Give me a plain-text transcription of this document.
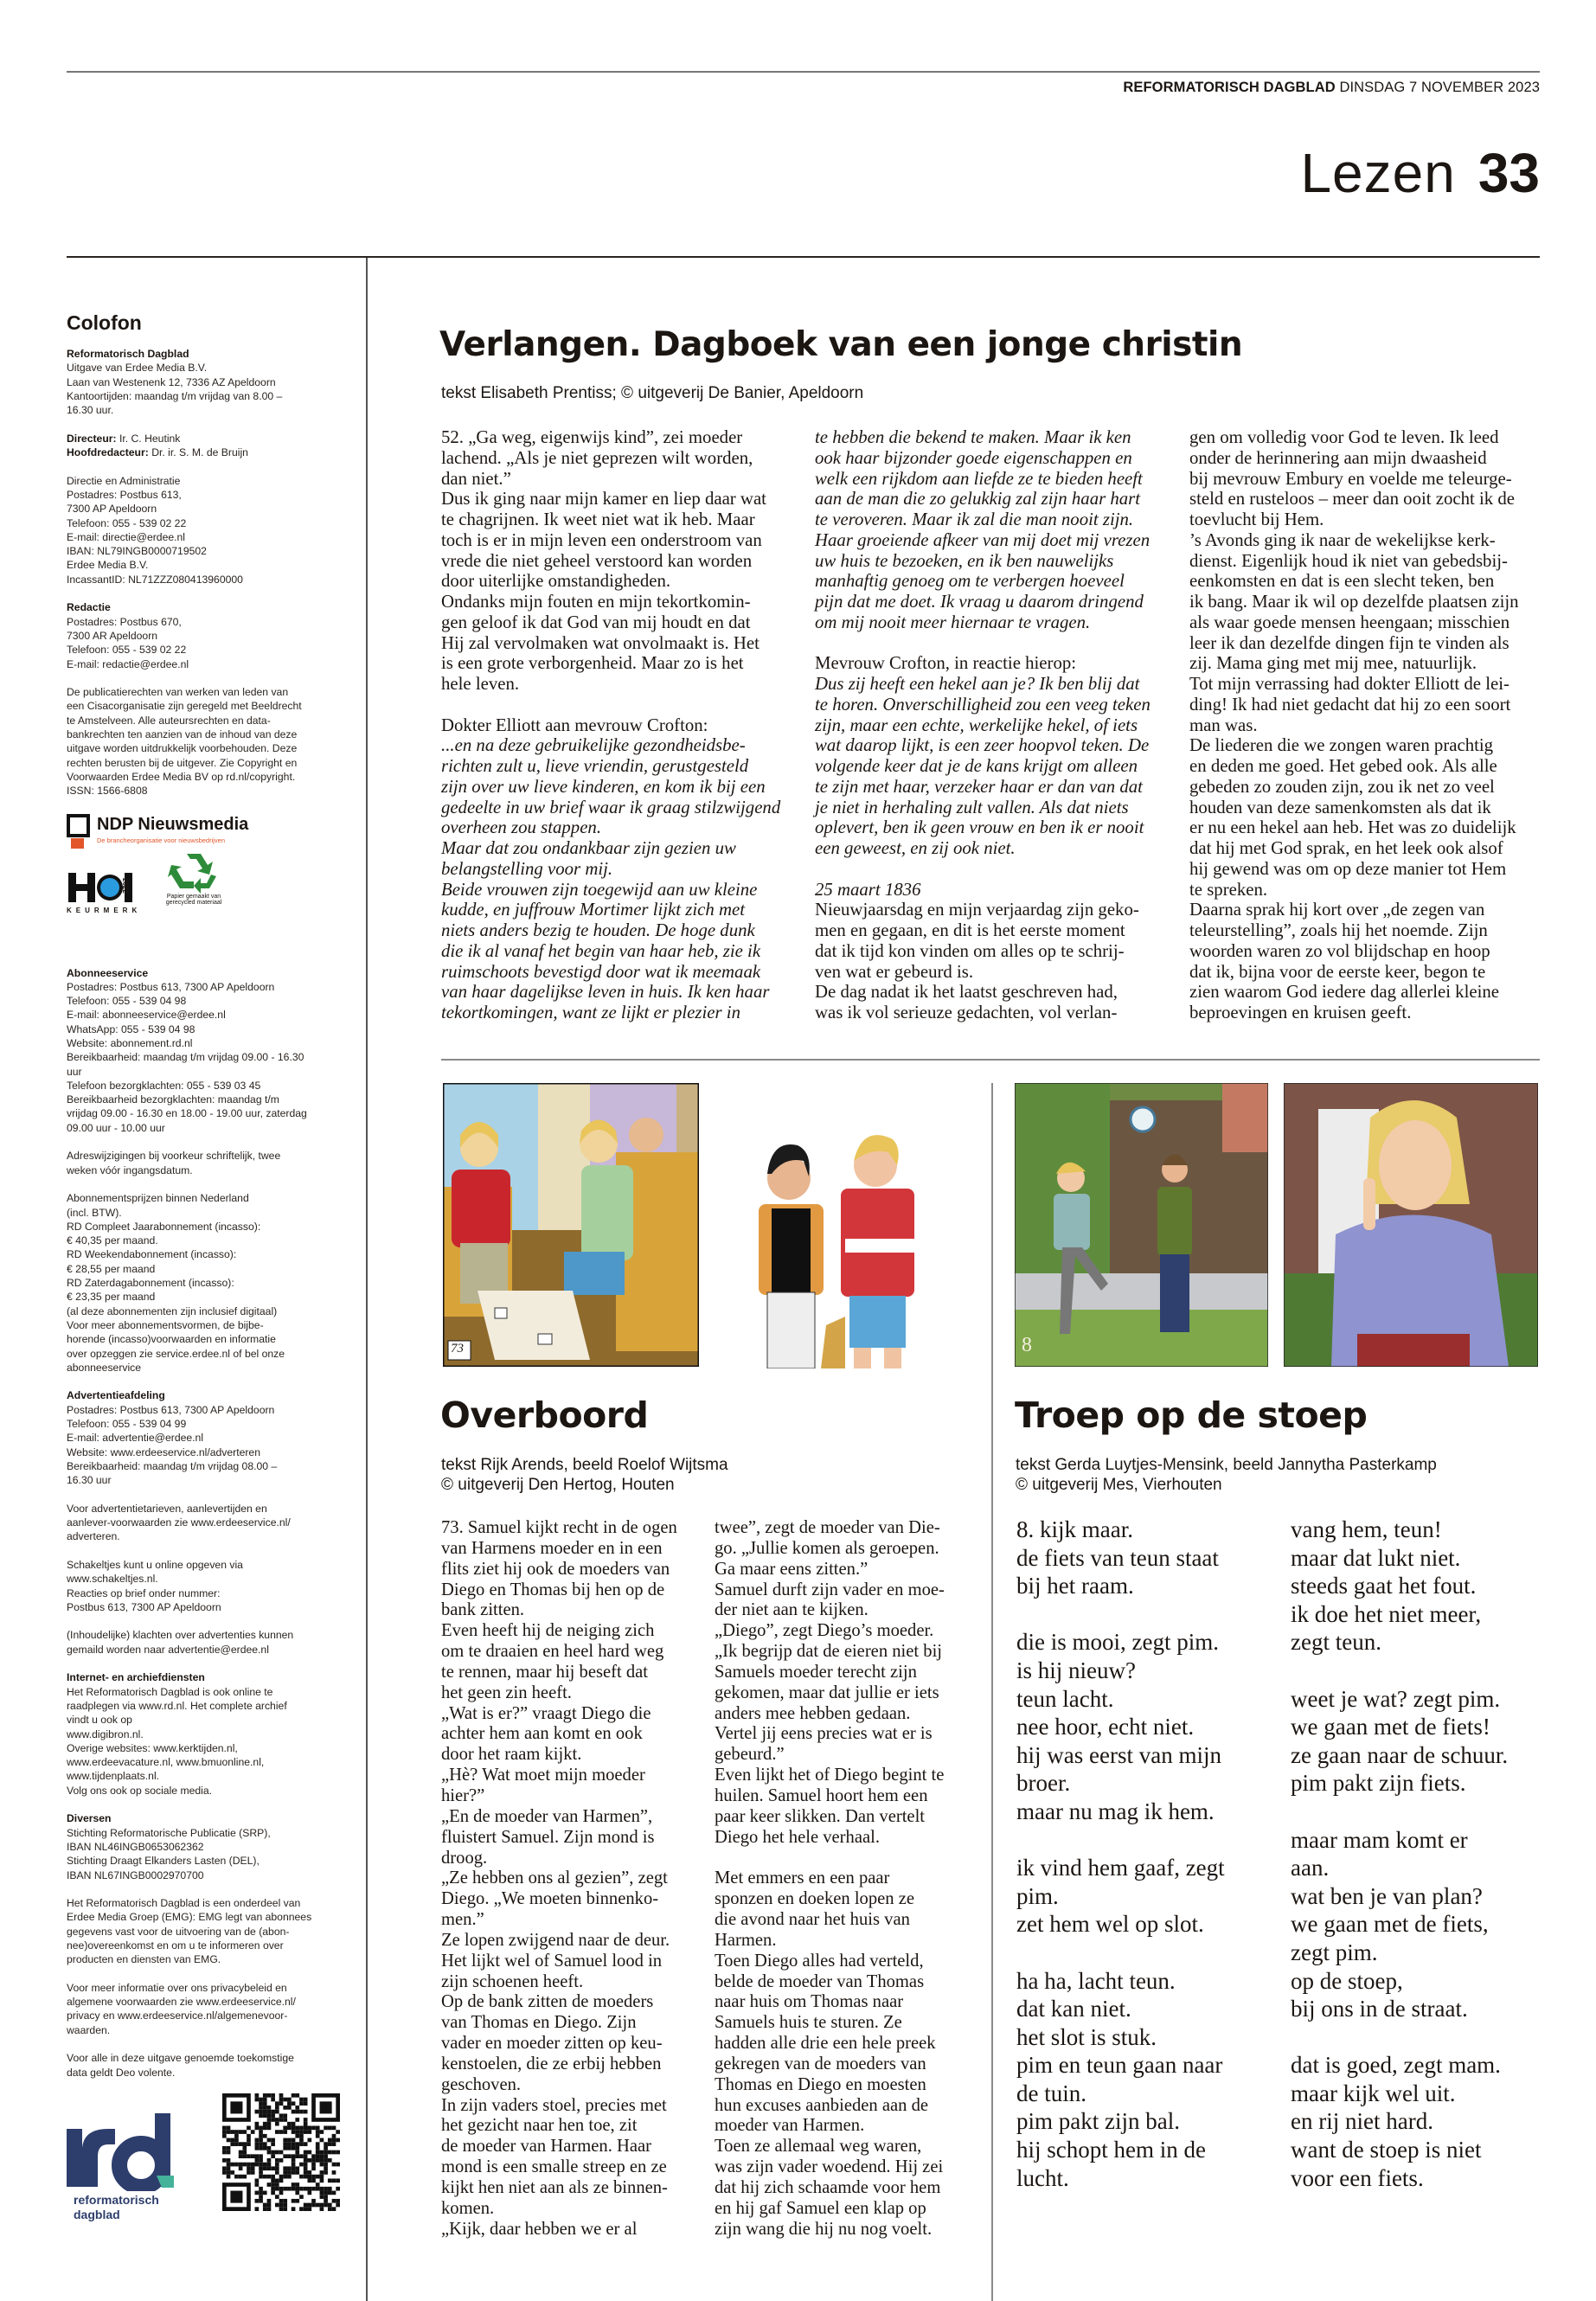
REFORMATORISCH DAGBLAD DINSDAG 7 NOVEMBER 2023
Lezen 33
Colofon
Reformatorisch Dagblad
Uitgave van Erdee Media B.V.
Laan van Westenenk 12, 7336 AZ Apeldoorn
Kantoortijden: maandag t/m vrijdag van 8.00 –
16.30 uur.
Directeur: Ir. C. Heutink
Hoofdredacteur: Dr. ir. S. M. de Bruijn
Directie en Administratie
Postadres: Postbus 613,
7300 AP Apeldoorn
Telefoon: 055 - 539 02 22
E-mail: directie@erdee.nl
IBAN: NL79INGB0000719502
Erdee Media B.V.
IncassantID: NL71ZZZ080413960000
Redactie
Postadres: Postbus 670,
7300 AR Apeldoorn
Telefoon: 055 - 539 02 22
E-mail: redactie@erdee.nl
De publicatierechten van werken van leden van
een Cisacorganisatie zijn geregeld met Beeldrecht
te Amstelveen. Alle auteursrechten en data-
bankrechten ten aanzien van de inhoud van deze
uitgave worden uitdrukkelijk voorbehouden. Deze
rechten berusten bij de uitgever. Zie Copyright en
Voorwaarden Erdee Media BV op rd.nl/copyright.
ISSN: 1566-6808
NDP Nieuwsmedia
De brancheorganisatie voor nieuwsbedrijven
2022
KEURMERK
Papier gemaakt van
gerecycled materiaal
Abonneeservice
Postadres: Postbus 613, 7300 AP Apeldoorn
Telefoon: 055 - 539 04 98
E-mail: abonneeservice@erdee.nl
WhatsApp: 055 - 539 04 98
Website: abonnement.rd.nl
Bereikbaarheid: maandag t/m vrijdag 09.00 - 16.30
uur
Telefoon bezorgklachten: 055 - 539 03 45
Bereikbaarheid bezorgklachten: maandag t/m
vrijdag 09.00 - 16.30 en 18.00 - 19.00 uur, zaterdag
09.00 uur - 10.00 uur
Adreswijzigingen bij voorkeur schriftelijk, twee
weken vóór ingangsdatum.
Abonnementsprijzen binnen Nederland
(incl. BTW).
RD Compleet Jaarabonnement (incasso):
€ 40,35 per maand.
RD Weekendabonnement (incasso):
€ 28,55 per maand
RD Zaterdagabonnement (incasso):
€ 23,35 per maand
(al deze abonnementen zijn inclusief digitaal)
Voor meer abonnementsvormen, de bijbe-
horende (incasso)voorwaarden en informatie
over opzeggen zie service.erdee.nl of bel onze
abonneeservice
Advertentieafdeling
Postadres: Postbus 613, 7300 AP Apeldoorn
Telefoon: 055 - 539 04 99
E-mail: advertentie@erdee.nl
Website: www.erdeeservice.nl/adverteren
Bereikbaarheid: maandag t/m vrijdag 08.00 –
16.30 uur
Voor advertentietarieven, aanlevertijden en
aanlever-voorwaarden zie www.erdeeservice.nl/
adverteren.
Schakeltjes kunt u online opgeven via
www.schakeltjes.nl.
Reacties op brief onder nummer:
Postbus 613, 7300 AP Apeldoorn
(Inhoudelijke) klachten over advertenties kunnen
gemaild worden naar advertentie@erdee.nl
Internet- en archiefdiensten
Het Reformatorisch Dagblad is ook online te
raadplegen via www.rd.nl. Het complete archief
vindt u ook op
www.digibron.nl.
Overige websites: www.kerktijden.nl,
www.erdeevacature.nl, www.bmuonline.nl,
www.tijdenplaats.nl.
Volg ons ook op sociale media.
Diversen
Stichting Reformatorische Publicatie (SRP),
IBAN NL46INGB0653062362
Stichting Draagt Elkanders Lasten (DEL),
IBAN NL67INGB0002970700
Het Reformatorisch Dagblad is een onderdeel van
Erdee Media Groep (EMG): EMG legt van abonnees
gegevens vast voor de uitvoering van de (abon-
nee)overeenkomst en om u te informeren over
producten en diensten van EMG.
Voor meer informatie over ons privacybeleid en
algemene voorwaarden zie www.erdeeservice.nl/
privacy en www.erdeeservice.nl/algemenevoor-
waarden.
Voor alle in deze uitgave genoemde toekomstige
data geldt Deo volente.
reformatorisch
dagblad
Verlangen. Dagboek van een jonge christin
tekst Elisabeth Prentiss; © uitgeverij De Banier, Apeldoorn
52. „Ga weg, eigenwijs kind”, zei moeder
lachend. „Als je niet geprezen wilt worden,
dan niet.”
Dus ik ging naar mijn kamer en liep daar wat
te chagrijnen. Ik weet niet wat ik heb. Maar
toch is er in mijn leven een onderstroom van
vrede die niet geheel verstoord kan worden
door uiterlijke omstandigheden.
Ondanks mijn fouten en mijn tekortkomin-
gen geloof ik dat God van mij houdt en dat
Hij zal vervolmaken wat onvolmaakt is. Het
is een grote verborgenheid. Maar zo is het
hele leven.
Dokter Elliott aan mevrouw Crofton:
...en na deze gebruikelijke gezondheidsbe-
richten zult u, lieve vriendin, gerustgesteld
zijn over uw lieve kinderen, en kom ik bij een
gedeelte in uw brief waar ik graag stilzwijgend
overheen zou stappen.
Maar dat zou ondankbaar zijn gezien uw
belangstelling voor mij.
Beide vrouwen zijn toegewijd aan uw kleine
kudde, en juffrouw Mortimer lijkt zich met
niets anders bezig te houden. De hoge dunk
die ik al vanaf het begin van haar heb, zie ik
ruimschoots bevestigd door wat ik meemaak
van haar dagelijkse leven in huis. Ik ken haar
tekortkomingen, want ze lijkt er plezier in
te hebben die bekend te maken. Maar ik ken
ook haar bijzonder goede eigenschappen en
welk een rijkdom aan liefde ze te bieden heeft
aan de man die zo gelukkig zal zijn haar hart
te veroveren. Maar ik zal die man nooit zijn.
Haar groeiende afkeer van mij doet mij vrezen
uw huis te bezoeken, en ik ben nauwelijks
manhaftig genoeg om te verbergen hoeveel
pijn dat me doet. Ik vraag u daarom dringend
om mij nooit meer hiernaar te vragen.
Mevrouw Crofton, in reactie hierop:
Dus zij heeft een hekel aan je? Ik ben blij dat
te horen. Onverschilligheid zou een veeg teken
zijn, maar een echte, werkelijke hekel, of iets
wat daarop lijkt, is een zeer hoopvol teken. De
volgende keer dat je de kans krijgt om alleen
te zijn met haar, verzeker haar er dan van dat
je niet in herhaling zult vallen. Als dat niets
oplevert, ben ik geen vrouw en ben ik er nooit
een geweest, en zij ook niet.
25 maart 1836
Nieuwjaarsdag en mijn verjaardag zijn geko-
men en gegaan, en dit is het eerste moment
dat ik tijd kon vinden om alles op te schrij-
ven wat er gebeurd is.
De dag nadat ik het laatst geschreven had,
was ik vol serieuze gedachten, vol verlan-
gen om volledig voor God te leven. Ik leed
onder de herinnering aan mijn dwaasheid
bij mevrouw Embury en voelde me teleurge-
steld en rusteloos – meer dan ooit zocht ik de
toevlucht bij Hem.
’s Avonds ging ik naar de wekelijkse kerk-
dienst. Eigenlijk houd ik niet van gebedsbij-
eenkomsten en dat is een slecht teken, ben
ik bang. Maar ik wil op dezelfde plaatsen zijn
als waar goede mensen heengaan; misschien
leer ik dan dezelfde dingen fijn te vinden als
zij. Mama ging met mij mee, natuurlijk.
Tot mijn verrassing had dokter Elliott de lei-
ding! Ik had niet gedacht dat hij zo een soort
man was.
De liederen die we zongen waren prachtig
en deden me goed. Het gebed ook. Als alle
gebeden zo zouden zijn, zou ik net zo veel
houden van deze samenkomsten als dat ik
er nu een hekel aan heb. Het was zo duidelijk
dat hij met God sprak, en het leek ook alsof
hij gewend was om op deze manier tot Hem
te spreken.
Daarna sprak hij kort over „de zegen van
teleurstelling”, zoals hij het noemde. Zijn
woorden waren zo vol blijdschap en hoop
dat ik, bijna voor de eerste keer, begon te
zien waarom God iedere dag allerlei kleine
beproevingen en kruisen geeft.
73	8
Overboord
tekst Rijk Arends, beeld Roelof Wijtsma
© uitgeverij Den Hertog, Houten
73. Samuel kijkt recht in de ogen
van Harmens moeder en in een
flits ziet hij ook de moeders van
Diego en Thomas bij hen op de
bank zitten.
Even heeft hij de neiging zich
om te draaien en heel hard weg
te rennen, maar hij beseft dat
het geen zin heeft.
„Wat is er?” vraagt Diego die
achter hem aan komt en ook
door het raam kijkt.
„Hè? Wat moet mijn moeder
hier?”
„En de moeder van Harmen”,
fluistert Samuel. Zijn mond is
droog.
„Ze hebben ons al gezien”, zegt
Diego. „We moeten binnenko-
men.”
Ze lopen zwijgend naar de deur.
Het lijkt wel of Samuel lood in
zijn schoenen heeft.
Op de bank zitten de moeders
van Thomas en Diego. Zijn
vader en moeder zitten op keu-
kenstoelen, die ze erbij hebben
geschoven.
In zijn vaders stoel, precies met
het gezicht naar hen toe, zit
de moeder van Harmen. Haar
mond is een smalle streep en ze
kijkt hen niet aan als ze binnen-
komen.
„Kijk, daar hebben we er al
twee”, zegt de moeder van Die-
go. „Jullie komen als geroepen.
Ga maar eens zitten.”
Samuel durft zijn vader en moe-
der niet aan te kijken.
„Diego”, zegt Diego’s moeder.
„Ik begrijp dat de eieren niet bij
Samuels moeder terecht zijn
gekomen, maar dat jullie er iets
anders mee hebben gedaan.
Vertel jij eens precies wat er is
gebeurd.”
Even lijkt het of Diego begint te
huilen. Samuel hoort hem een
paar keer slikken. Dan vertelt
Diego het hele verhaal.
Met emmers en een paar
sponzen en doeken lopen ze
die avond naar het huis van
Harmen.
Toen Diego alles had verteld,
belde de moeder van Thomas
naar huis om Thomas naar
Samuels huis te sturen. Ze
hadden alle drie een hele preek
gekregen van de moeders van
Thomas en Diego en moesten
hun excuses aanbieden aan de
moeder van Harmen.
Toen ze allemaal weg waren,
was zijn vader woedend. Hij zei
dat hij zich schaamde voor hem
en hij gaf Samuel een klap op
zijn wang die hij nu nog voelt.
Troep op de stoep
tekst Gerda Luytjes-Mensink, beeld Jannytha Pasterkamp
© uitgeverij Mes, Vierhouten
8. kijk maar.
de fiets van teun staat
bij het raam.
die is mooi, zegt pim.
is hij nieuw?
teun lacht.
nee hoor, echt niet.
hij was eerst van mijn
broer.
maar nu mag ik hem.
ik vind hem gaaf, zegt
pim.
zet hem wel op slot.
ha ha, lacht teun.
dat kan niet.
het slot is stuk.
pim en teun gaan naar
de tuin.
pim pakt zijn bal.
hij schopt hem in de
lucht.
vang hem, teun!
maar dat lukt niet.
steeds gaat het fout.
ik doe het niet meer,
zegt teun.
weet je wat? zegt pim.
we gaan met de fiets!
ze gaan naar de schuur.
pim pakt zijn fiets.
maar mam komt er
aan.
wat ben je van plan?
we gaan met de fiets,
zegt pim.
op de stoep,
bij ons in de straat.
dat is goed, zegt mam.
maar kijk wel uit.
en rij niet hard.
want de stoep is niet
voor een fiets.
